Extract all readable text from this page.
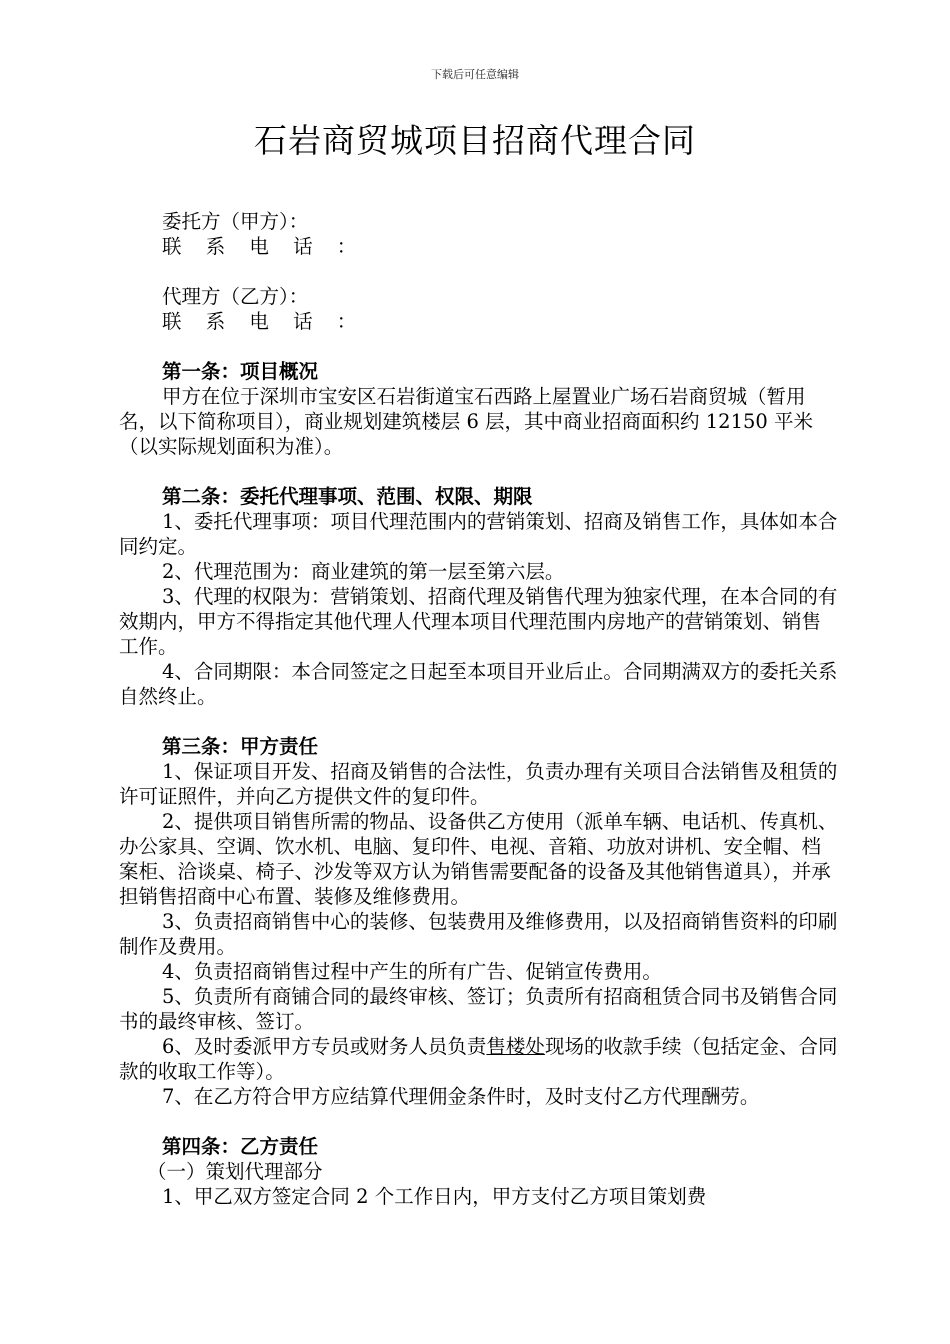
下载后可任意编辑
石岩商贸城项目招商代理合同

委托方（甲方）：

联 系 电 话 ：

代理方（乙方）：

联 系 电 话 ：

第一条：项目概况

甲方在位于深圳市宝安区石岩街道宝石西路上屋置业广场石岩商贸城（暂用名，以下简称项目），商业规划建筑楼层 6 层，其中商业招商面积约 12150 平米（以实际规划面积为准）。

第二条：委托代理事项、范围、权限、期限

1、委托代理事项：项目代理范围内的营销策划、招商及销售工作，具体如本合同约定。

2、代理范围为：商业建筑的第一层至第六层。

3、代理的权限为：营销策划、招商代理及销售代理为独家代理，在本合同的有效期内，甲方不得指定其他代理人代理本项目代理范围内房地产的营销策划、销售工作。

4、合同期限：本合同签定之日起至本项目开业后止。合同期满双方的委托关系自然终止。

第三条：甲方责任

1、保证项目开发、招商及销售的合法性，负责办理有关项目合法销售及租赁的许可证照件，并向乙方提供文件的复印件。

2、提供项目销售所需的物品、设备供乙方使用（派单车辆、电话机、传真机、办公家具、空调、饮水机、电脑、复印件、电视、音箱、功放对讲机、安全帽、档案柜、洽谈桌、椅子、沙发等双方认为销售需要配备的设备及其他销售道具），并承担销售招商中心布置、装修及维修费用。

3、负责招商销售中心的装修、包装费用及维修费用，以及招商销售资料的印刷制作及费用。

4、负责招商销售过程中产生的所有广告、促销宣传费用。

5、负责所有商铺合同的最终审核、签订；负责所有招商租赁合同书及销售合同书的最终审核、签订。

6、及时委派甲方专员或财务人员负责售楼处现场的收款手续（包括定金、合同款的收取工作等）。

7、在乙方符合甲方应结算代理佣金条件时，及时支付乙方代理酬劳。

第四条：乙方责任

（一）策划代理部分

1、甲乙双方签定合同 2 个工作日内，甲方支付乙方项目策划费
